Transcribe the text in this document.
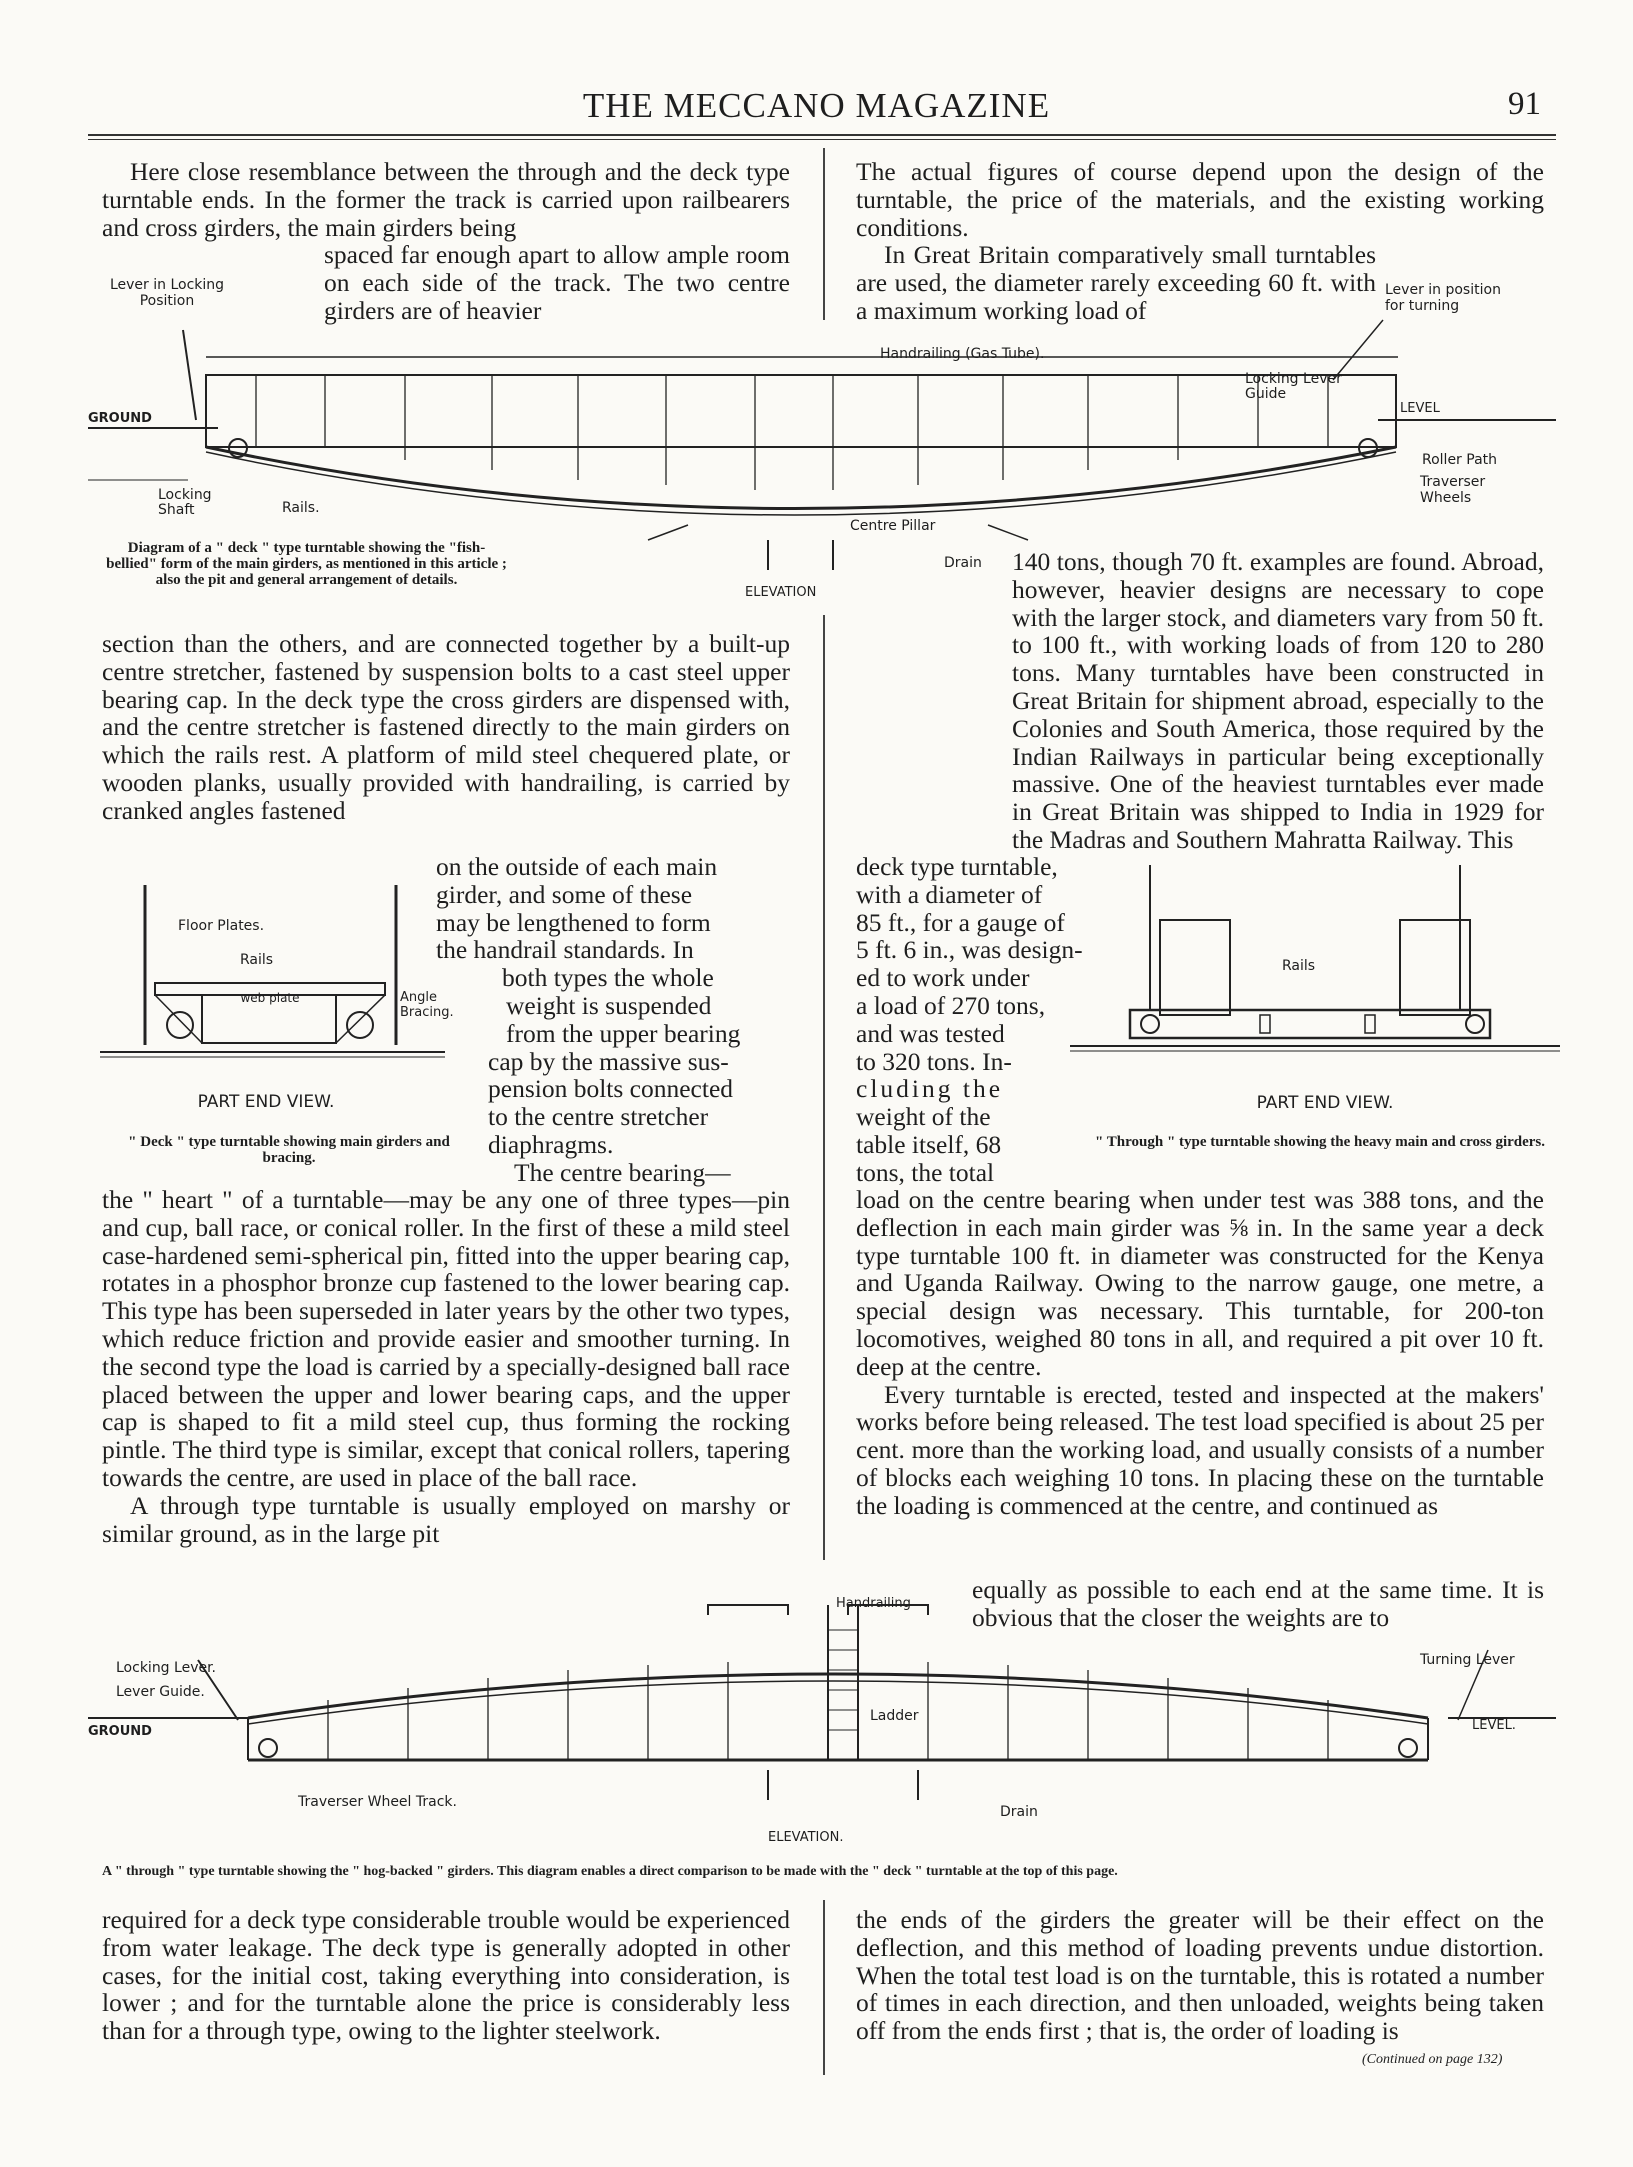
THE MECCANO MAGAZINE	91

Here close resemblance between the through and the deck type turntable ends. In the former the track is carried upon railbearers and cross girders, the main girders being

spaced far enough apart to allow ample room on each side of the track. The two centre girders are of heavier

Lever in Locking Position

The actual figures of course depend upon the design of the turntable, the price of the materials, and the existing working conditions.

In Great Britain comparatively small turntables are used, the diameter rarely exceeding 60 ft. with a maximum working load of

Lever in position for turning
Handrailing (Gas Tube).
Locking Lever Guide
GROUND
LEVEL
Roller Path
Traverser Wheels
Locking Shaft	Rails.
Centre Pillar
Drain
ELEVATION
Diagram of a " deck " type turntable showing the "fish-bellied" form of the main girders, as mentioned in this article ; also the pit and general arrangement of details.

140 tons, though 70 ft. examples are found. Abroad, however, heavier designs are necessary to cope with the larger stock, and diameters vary from 50 ft. to 100 ft., with working loads of from 120 to 280 tons. Many turntables have been constructed in Great Britain for shipment abroad, especially to the Colonies and South America, those required by the Indian Railways in particular being exceptionally massive. One of the heaviest turntables ever made in Great Britain was shipped to India in 1929 for the Madras and Southern Mahratta Railway. This

section than the others, and are connected together by a built-up centre stretcher, fastened by suspension bolts to a cast steel upper bearing cap. In the deck type the cross girders are dispensed with, and the centre stretcher is fastened directly to the main girders on which the rails rest. A platform of mild steel chequered plate, or wooden planks, usually provided with handrailing, is carried by cranked angles fastened

on the outside of each main

girder, and some of these

may be lengthened to form

the handrail standards. In

both types the whole

weight is suspended

from the upper bearing

cap by the massive sus-

pension bolts connected

to the centre stretcher

diaphragms.

The centre bearing—

Floor Plates.
Rails
web plate	Angle Bracing.
PART END VIEW.
" Deck " type turntable showing main girders and bracing.

deck type turntable,

with a diameter of

85 ft., for a gauge of

5 ft. 6 in., was design-

ed to work under

a load of 270 tons,

and was tested

to 320 tons. In-

cluding the

weight of the

table itself, 68

tons, the total

Rails
PART END VIEW.
" Through " type turntable showing the heavy main and cross girders.

the " heart " of a turntable—may be any one of three types—pin and cup, ball race, or conical roller. In the first of these a mild steel case-hardened semi-spherical pin, fitted into the upper bearing cap, rotates in a phosphor bronze cup fastened to the lower bearing cap. This type has been superseded in later years by the other two types, which reduce friction and provide easier and smoother turning. In the second type the load is carried by a specially-designed ball race placed between the upper and lower bearing caps, and the upper cap is shaped to fit a mild steel cup, thus forming the rocking pintle. The third type is similar, except that conical rollers, tapering towards the centre, are used in place of the ball race.

A through type turntable is usually employed on marshy or similar ground, as in the large pit

load on the centre bearing when under test was 388 tons, and the deflection in each main girder was ⅝ in. In the same year a deck type turntable 100 ft. in diameter was constructed for the Kenya and Uganda Railway. Owing to the narrow gauge, one metre, a special design was necessary. This turntable, for 200-ton locomotives, weighed 80 tons in all, and required a pit over 10 ft. deep at the centre.

Every turntable is erected, tested and inspected at the makers' works before being released. The test load specified is about 25 per cent. more than the working load, and usually consists of a number of blocks each weighing 10 tons. In placing these on the turntable the loading is commenced at the centre, and continued as

equally as possible to each end at the same time. It is obvious that the closer the weights are to

Handrailing
Turning Lever
Locking Lever.
Lever Guide.
GROUND	LEVEL.
Ladder
Traverser Wheel Track.
Drain
ELEVATION.
A " through " type turntable showing the " hog-backed " girders. This diagram enables a direct comparison to be made with the " deck " turntable at the top of this page.

required for a deck type considerable trouble would be experienced from water leakage. The deck type is generally adopted in other cases, for the initial cost, taking everything into consideration, is lower ; and for the turntable alone the price is considerably less than for a through type, owing to the lighter steelwork.

the ends of the girders the greater will be their effect on the deflection, and this method of loading prevents undue distortion. When the total test load is on the turntable, this is rotated a number of times in each direction, and then unloaded, weights being taken off from the ends first ; that is, the order of loading is

(Continued on page 132)
